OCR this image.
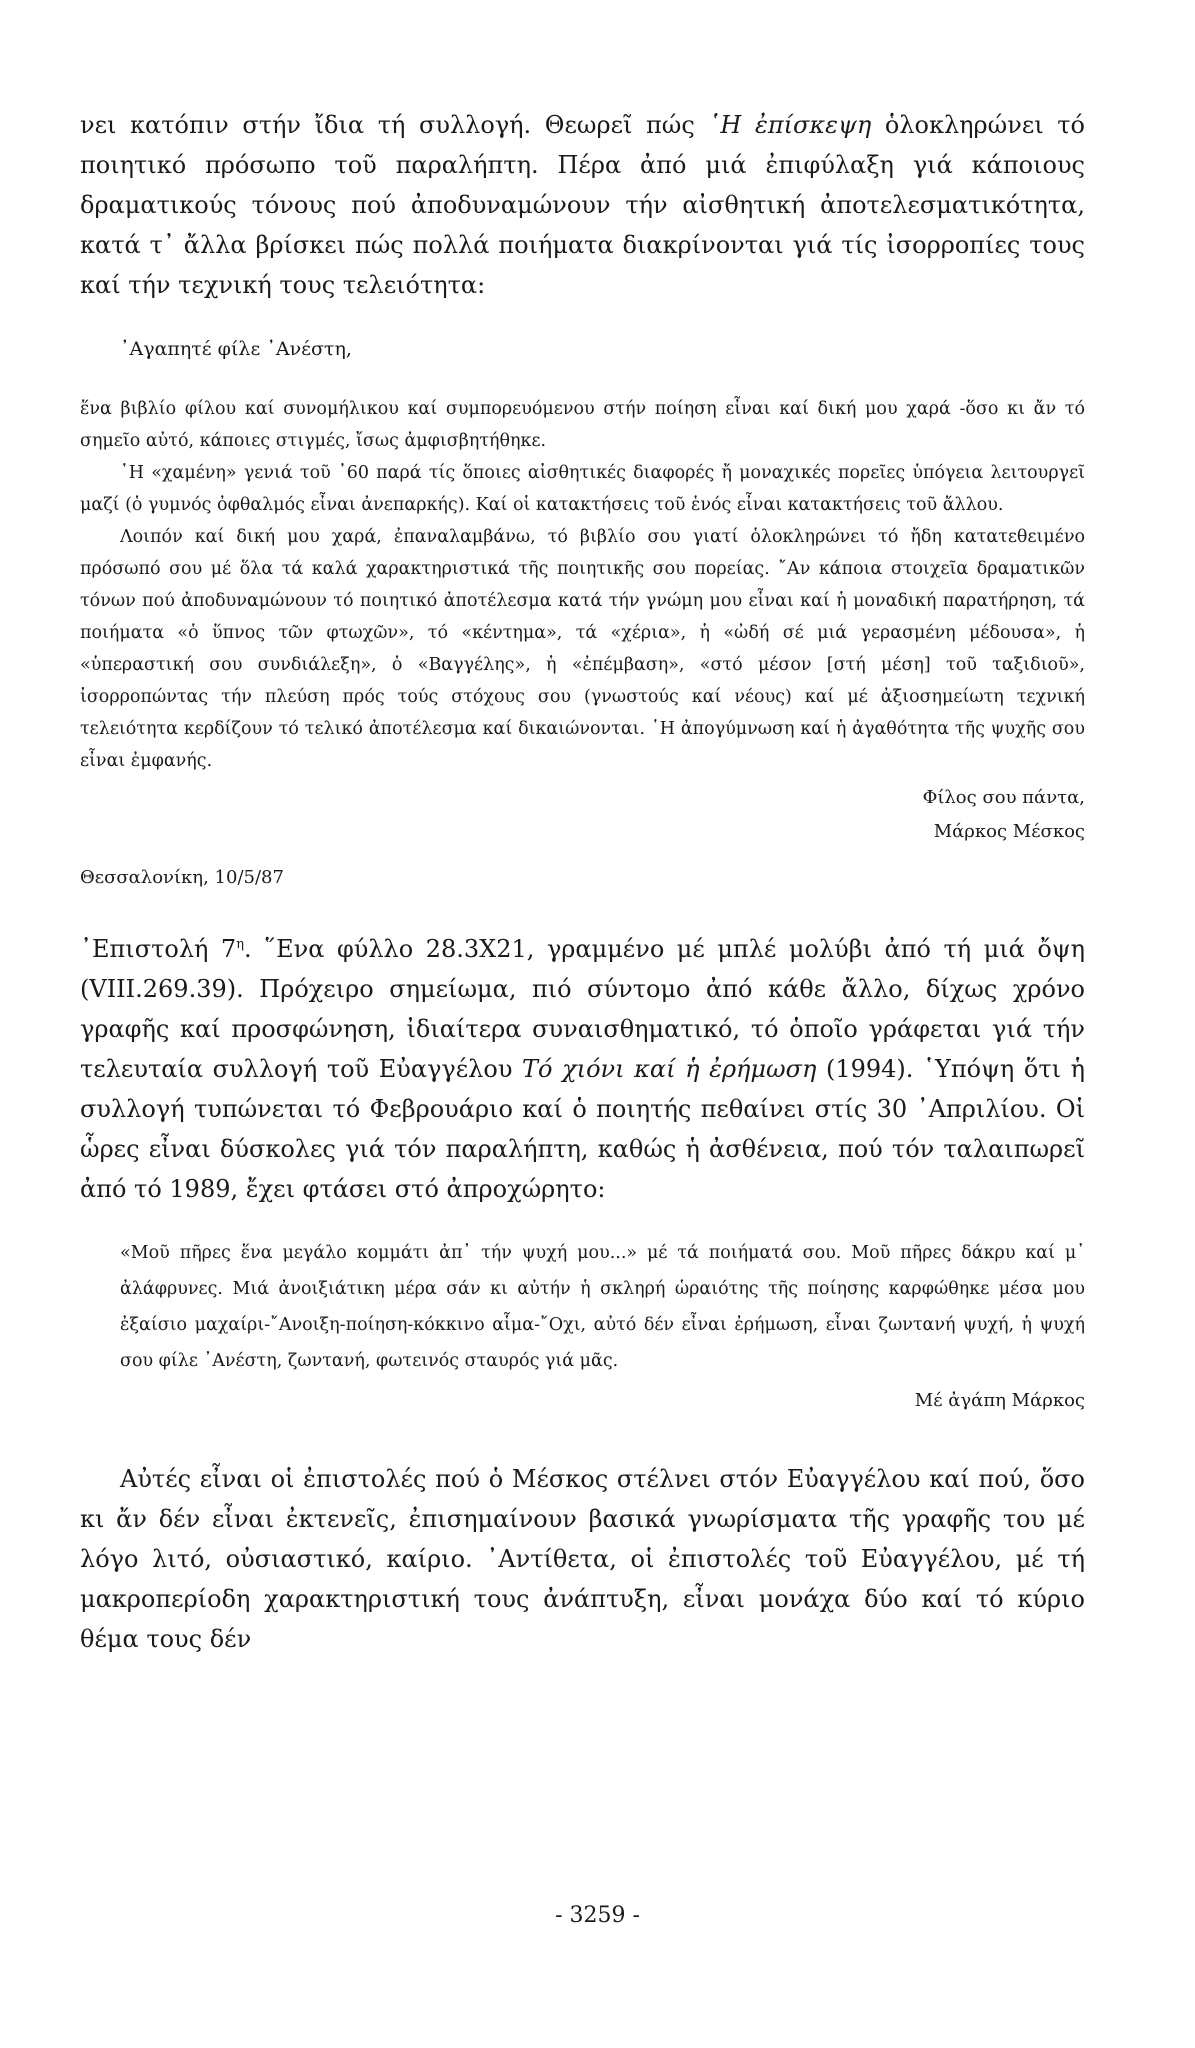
νει κατόπιν στήν ἴδια τή συλλογή. Θεωρεῖ πώς ῾Η ἐπίσκεψη ὁλοκληρώνει τό ποιητικό πρόσωπο τοῦ παραλήπτη. Πέρα ἀπό μιά ἐπιφύλαξη γιά κάποιους δραματικούς τόνους πού ἀποδυναμώνουν τήν αἰσθητική ἀποτελεσματικότητα, κατά τ᾿ ἄλλα βρίσκει πώς πολλά ποιήματα διακρίνονται γιά τίς ἰσορροπίες τους καί τήν τεχνική τους τελειότητα:

᾿Αγαπητέ φίλε ᾿Ανέστη,

ἕνα βιβλίο φίλου καί συνομήλικου καί συμπορευόμενου στήν ποίηση εἶναι καί δική μου χαρά -ὅσο κι ἄν τό σημεῖο αὐτό, κάποιες στιγμές, ἴσως ἀμφισβητήθηκε.

῾Η «χαμένη» γενιά τοῦ ᾿60 παρά τίς ὅποιες αἰσθητικές διαφορές ἤ μοναχικές πορεῖες ὑπόγεια λειτουργεῖ μαζί (ὁ γυμνός ὀφθαλμός εἶναι ἀνεπαρκής). Καί οἱ κατακτήσεις τοῦ ἑνός εἶναι κατακτήσεις τοῦ ἄλλου.

Λοιπόν καί δική μου χαρά, ἐπαναλαμβάνω, τό βιβλίο σου γιατί ὁλοκληρώνει τό ἤδη κατατεθειμένο πρόσωπό σου μέ ὅλα τά καλά χαρακτηριστικά τῆς ποιητικῆς σου πορείας. ῎Αν κάποια στοιχεῖα δραματικῶν τόνων πού ἀποδυναμώνουν τό ποιητικό ἀποτέλεσμα κατά τήν γνώμη μου εἶναι καί ἡ μοναδική παρατήρηση, τά ποιήματα «ὁ ὕπνος τῶν φτωχῶν», τό «κέντημα», τά «χέρια», ἡ «ὠδή σέ μιά γερασμένη μέδουσα», ἡ «ὑπεραστική σου συνδιάλεξη», ὁ «Βαγγέλης», ἡ «ἐπέμβαση», «στό μέσον [στή μέση] τοῦ ταξιδιοῦ», ἰσορροπώντας τήν πλεύση πρός τούς στόχους σου (γνωστούς καί νέους) καί μέ ἀξιοσημείωτη τεχνική τελειότητα κερδίζουν τό τελικό ἀποτέλεσμα καί δικαιώνονται. ῾Η ἀπογύμνωση καί ἡ ἀγαθότητα τῆς ψυχῆς σου εἶναι ἐμφανής.

Φίλος σου πάντα,
Μάρκος Μέσκος

Θεσσαλονίκη, 10/5/87

᾿Επιστολή $7^\eta$. ῞Ενα φύλλο 28.3Χ21, γραμμένο μέ μπλέ μολύβι ἀπό τή μιά ὄψη (VIII.269.39). Πρόχειρο σημείωμα, πιό σύντομο ἀπό κάθε ἄλλο, δίχως χρόνο γραφῆς καί προσφώνηση, ἰδιαίτερα συναισθηματικό, τό ὁποῖο γράφεται γιά τήν τελευταία συλλογή τοῦ Εὐαγγέλου Τό χιόνι καί ἡ ἐρήμωση (1994). ῾Υπόψη ὅτι ἡ συλλογή τυπώνεται τό Φεβρουάριο καί ὁ ποιητής πεθαίνει στίς 30 ᾿Απριλίου. Οἱ ὧρες εἶναι δύσκολες γιά τόν παραλήπτη, καθώς ἡ ἀσθένεια, πού τόν ταλαιπωρεῖ ἀπό τό 1989, ἔχει φτάσει στό ἀπροχώρητο:

«Μοῦ πῆρες ἕνα μεγάλο κομμάτι ἀπ᾿ τήν ψυχή μου...» μέ τά ποιήματά σου. Μοῦ πῆρες δάκρυ καί μ᾿ ἀλάφρυνες. Μιά ἀνοιξιάτικη μέρα σάν κι αὐτήν ἡ σκληρή ὡραιότης τῆς ποίησης καρφώθηκε μέσα μου ἐξαίσιο μαχαίρι-῎Ανοιξη-ποίηση-κόκκινο αἷμα-῎Οχι, αὐτό δέν εἶναι ἐρήμωση, εἶναι ζωντανή ψυχή, ἡ ψυχή σου φίλε ᾿Ανέστη, ζωντανή, φωτεινός σταυρός γιά μᾶς.

Μέ ἀγάπη Μάρκος

Αὐτές εἶναι οἱ ἐπιστολές πού ὁ Μέσκος στέλνει στόν Εὐαγγέλου καί πού, ὅσο κι ἄν δέν εἶναι ἐκτενεῖς, ἐπισημαίνουν βασικά γνωρίσματα τῆς γραφῆς του μέ λόγο λιτό, οὐσιαστικό, καίριο. ᾿Αντίθετα, οἱ ἐπιστολές τοῦ Εὐαγγέλου, μέ τή μακροπερίοδη χαρακτηριστική τους ἀνάπτυξη, εἶναι μονάχα δύο καί τό κύριο θέμα τους δέν

- 3259 -
